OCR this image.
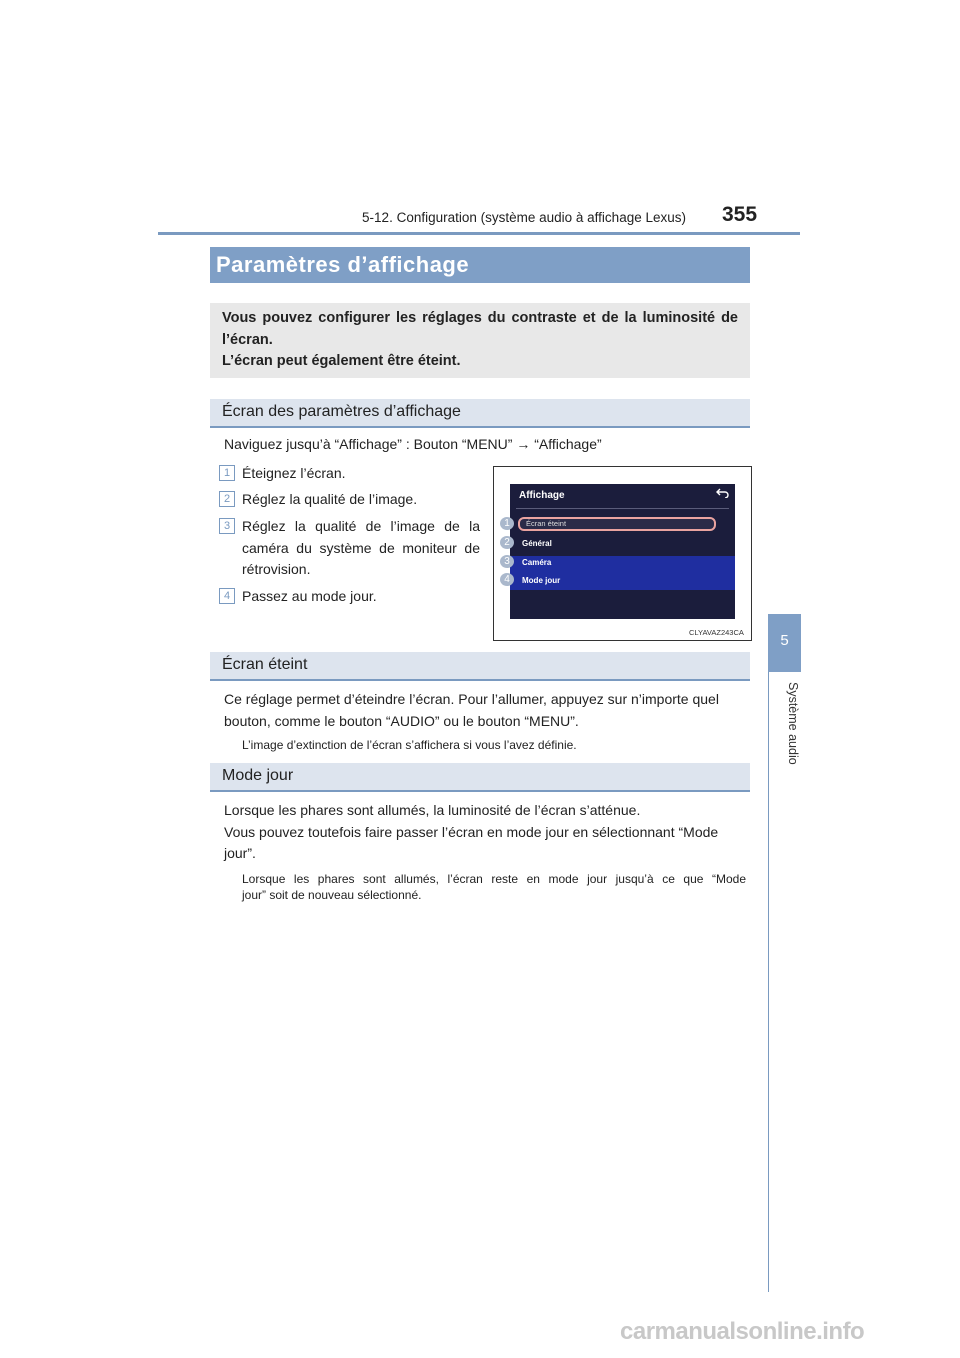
5-12. Configuration (système audio à affichage Lexus) 355
5
Système audio
Paramètres d’affichage
Vous pouvez configurer les réglages du contraste et de la luminosité de
l’écran.
L’écran peut également être éteint.
Écran des paramètres d’affichage
Naviguez jusqu’à “Affichage” : Bouton “MENU” → “Affichage”
1 Éteignez l’écran.
2 Réglez la qualité de l’image.
3 Réglez la qualité de l’image de la
caméra du système de moniteur de
rétrovision.
4 Passez au mode jour.
Affichage
Écran éteint
Général
Caméra
Mode jour
1
2
3
4
CLYAVAZ243CA
Écran éteint
Ce réglage permet d’éteindre l’écran. Pour l’allumer, appuyez sur n’importe quel
bouton, comme le bouton “AUDIO” ou le bouton “MENU”.
L’image d’extinction de l’écran s’affichera si vous l’avez définie.
Mode jour
Lorsque les phares sont allumés, la luminosité de l’écran s’atténue.
Vous pouvez toutefois faire passer l’écran en mode jour en sélectionnant “Mode
jour”.
Lorsque les phares sont allumés, l’écran reste en mode jour jusqu’à ce que “Mode
jour” soit de nouveau sélectionné.
carmanualsonline.info
